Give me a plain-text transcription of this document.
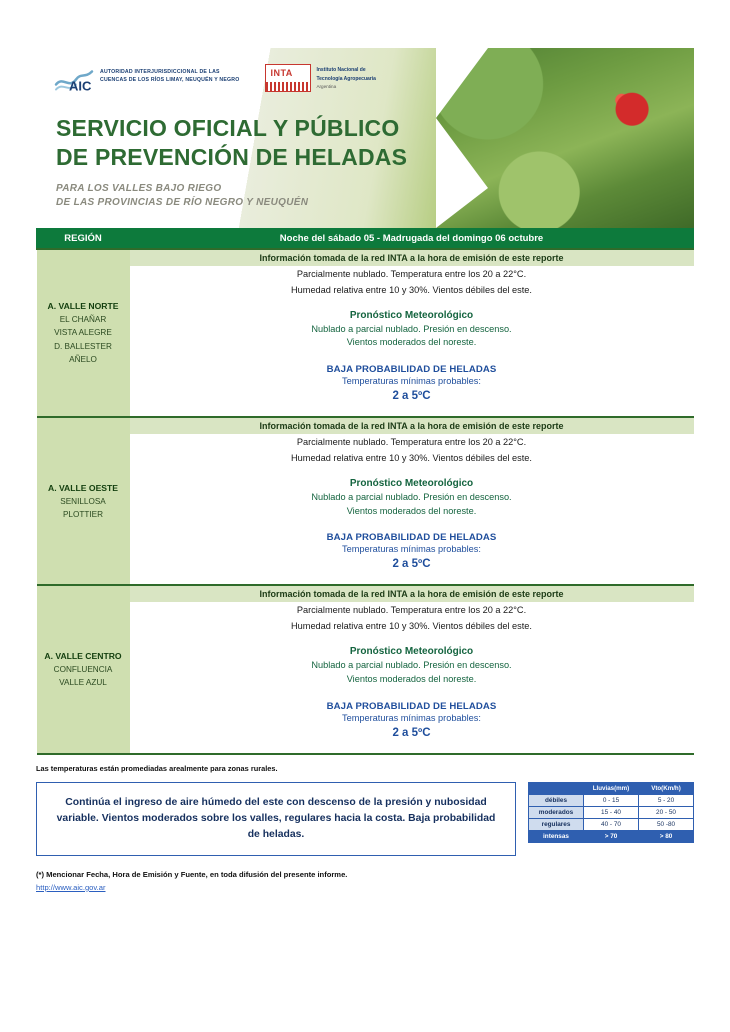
AIC
AUTORIDAD INTERJURISDICCIONAL DE LAS
CUENCAS DE LOS RÍOS LIMAY, NEUQUÉN Y NEGRO
INTA	Instituto Nacional de
Tecnología Agropecuaria
Argentina
SERVICIO OFICIAL Y PÚBLICO
DE PREVENCIÓN DE HELADAS
PARA LOS VALLES BAJO RIEGO
DE LAS PROVINCIAS DE RÍO NEGRO Y NEUQUÉN
REGIÓN	Noche del sábado 05 - Madrugada del domingo 06 octubre

A. VALLE NORTE
EL CHAÑAR
VISTA ALEGRE
D. BALLESTER
AÑELO

Información tomada de la red INTA a la hora de emisión de este reporte
Parcialmente nublado. Temperatura entre los 20 a 22°C.
Humedad relativa entre 10 y 30%. Vientos débiles del este.
Pronóstico Meteorológico
Nublado a parcial nublado. Presión en descenso.
Vientos moderados del noreste.
BAJA PROBABILIDAD DE HELADAS
Temperaturas mínimas probables:
2 a 5ºC

A. VALLE OESTE
SENILLOSA
PLOTTIER

Información tomada de la red INTA a la hora de emisión de este reporte
Parcialmente nublado. Temperatura entre los 20 a 22°C.
Humedad relativa entre 10 y 30%. Vientos débiles del este.
Pronóstico Meteorológico
Nublado a parcial nublado. Presión en descenso.
Vientos moderados del noreste.
BAJA PROBABILIDAD DE HELADAS
Temperaturas mínimas probables:
2 a 5ºC

A. VALLE CENTRO
CONFLUENCIA
VALLE AZUL

Información tomada de la red INTA a la hora de emisión de este reporte
Parcialmente nublado. Temperatura entre los 20 a 22°C.
Humedad relativa entre 10 y 30%. Vientos débiles del este.
Pronóstico Meteorológico
Nublado a parcial nublado. Presión en descenso.
Vientos moderados del noreste.
BAJA PROBABILIDAD DE HELADAS
Temperaturas mínimas probables:
2 a 5ºC
Las temperaturas están promediadas arealmente para zonas rurales.

Continúa el ingreso de aire húmedo del este con descenso de la presión y nubosidad variable. Vientos moderados sobre los valles, regulares hacia la costa. Baja probabilidad de heladas.

	Lluvias(mm)	Vto(Km/h)
débiles	0 - 15	5 - 20
moderados	15 - 40	20 - 50
regulares	40 - 70	50 -80
intensas	> 70	> 80
(*) Mencionar Fecha, Hora de Emisión y Fuente, en toda difusión del presente informe.
http://www.aic.gov.ar
